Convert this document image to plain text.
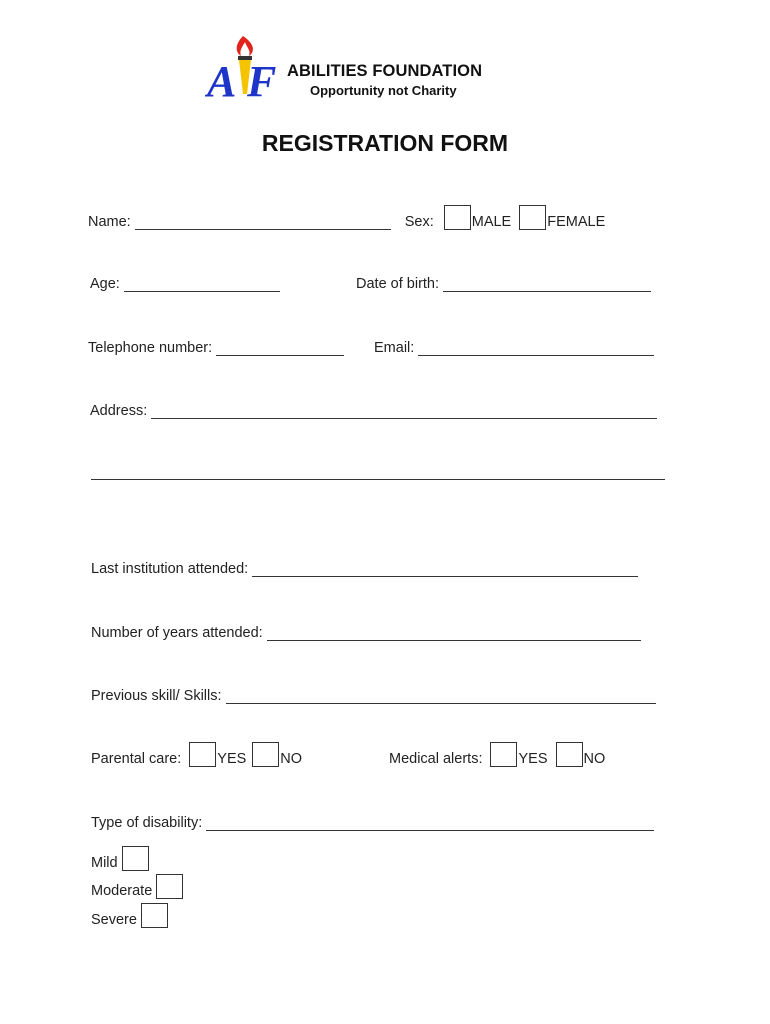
A F ABILITIES FOUNDATION
Opportunity not Charity
REGISTRATION FORM
Name:	Sex:	MALE FEMALE
Age:	Date of birth:
Telephone number:	Email:
Address:
Last institution attended:
Number of years attended:
Previous skill/ Skills:
Parental care: YES NO	Medical alerts: YES NO
Type of disability:
Mild
Moderate
Severe
